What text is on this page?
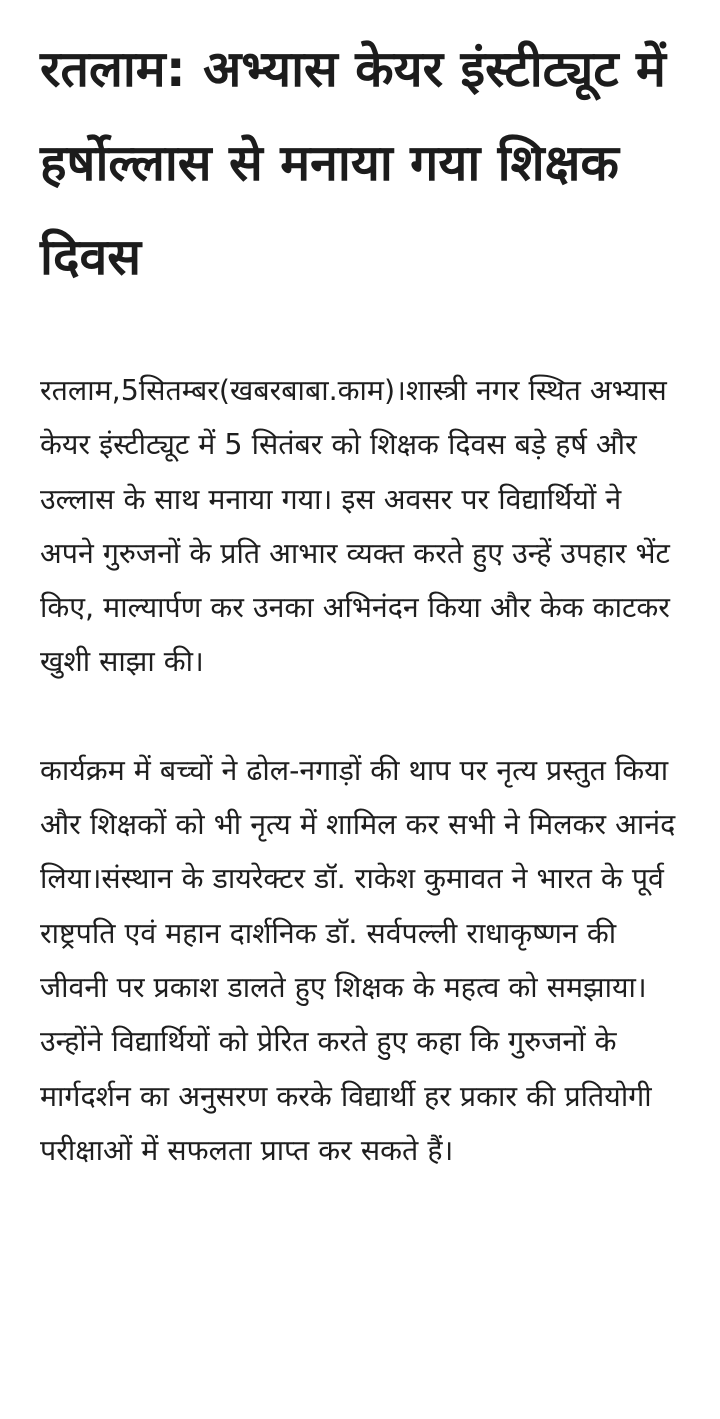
रतलाम: अभ्यास केयर इंस्टीट्यूट में हर्षोल्लास से मनाया गया शिक्षक दिवस

रतलाम,5सितम्बर(खबरबाबा.काम)।शास्त्री नगर स्थित अभ्यास केयर इंस्टीट्यूट में 5 सितंबर को शिक्षक दिवस बड़े हर्ष और उल्लास के साथ मनाया गया। इस अवसर पर विद्यार्थियों ने अपने गुरुजनों के प्रति आभार व्यक्त करते हुए उन्हें उपहार भेंट किए, माल्यार्पण कर उनका अभिनंदन किया और केक काटकर खुशी साझा की।

कार्यक्रम में बच्चों ने ढोल-नगाड़ों की थाप पर नृत्य प्रस्तुत किया और शिक्षकों को भी नृत्य में शामिल कर सभी ने मिलकर आनंद लिया।संस्थान के डायरेक्टर डॉ. राकेश कुमावत ने भारत के पूर्व राष्ट्रपति एवं महान दार्शनिक डॉ. सर्वपल्ली राधाकृष्णन की जीवनी पर प्रकाश डालते हुए शिक्षक के महत्व को समझाया। उन्होंने विद्यार्थियों को प्रेरित करते हुए कहा कि गुरुजनों के मार्गदर्शन का अनुसरण करके विद्यार्थी हर प्रकार की प्रतियोगी परीक्षाओं में सफलता प्राप्त कर सकते हैं।
